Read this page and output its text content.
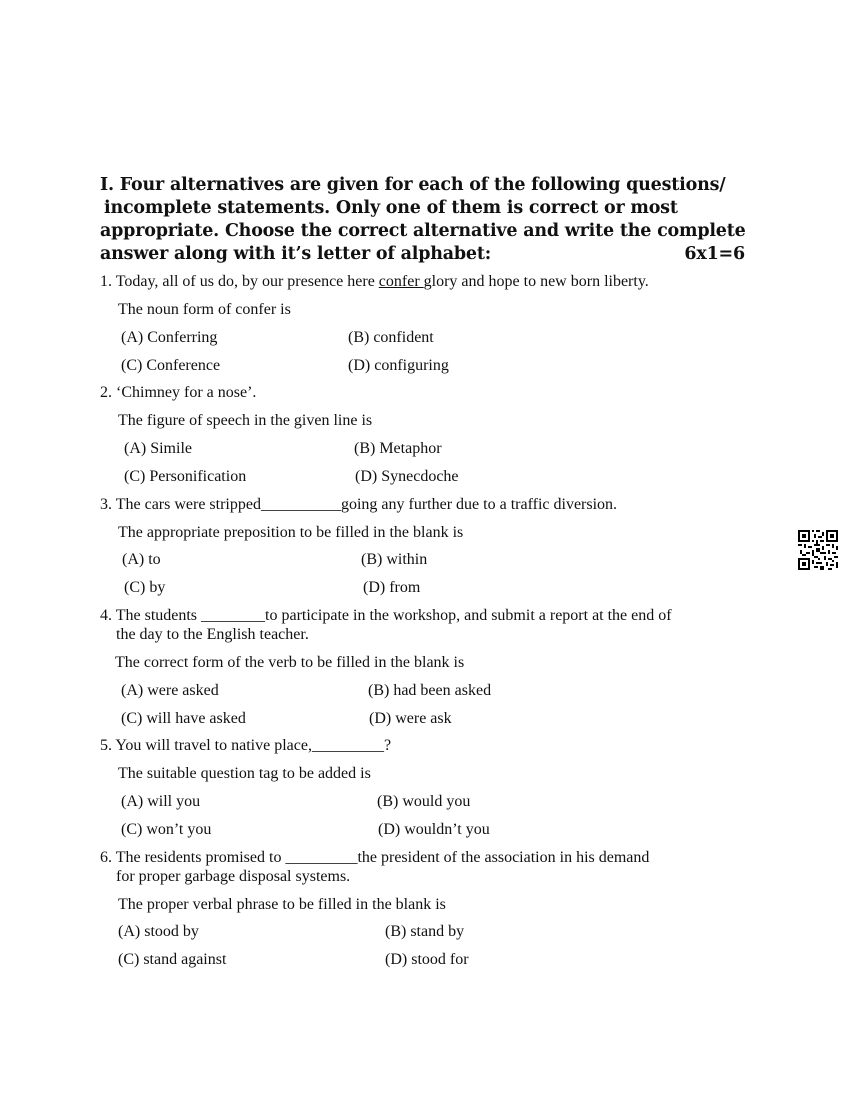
I. Four alternatives are given for each of the following questions/
incomplete statements. Only one of them is correct or most
appropriate. Choose the correct alternative and write the complete
answer along with it’s letter of alphabet:	6x1=6
1. Today, all of us do, by our presence here confer glory and hope to new born liberty.
The noun form of confer is
(A) Conferring	(B) confident
(C) Conference	(D) configuring
2. ‘Chimney for a nose’.
The figure of speech in the given line is
(A) Simile	(B) Metaphor
(C) Personification	(D) Synecdoche
3. The cars were stripped__________going any further due to a traffic diversion.
The appropriate preposition to be filled in the blank is
(A) to	(B) within
(C) by	(D) from
4. The students ________to participate in the workshop, and submit a report at the end of
the day to the English teacher.
The correct form of the verb to be filled in the blank is
(A) were asked	(B) had been asked
(C) will have asked	(D) were ask
5. You will travel to native place,_________?
The suitable question tag to be added is
(A) will you	(B) would you
(C) won’t you	(D) wouldn’t you
6. The residents promised to _________the president of the association in his demand
for proper garbage disposal systems.
The proper verbal phrase to be filled in the blank is
(A) stood by	(B) stand by
(C) stand against	(D) stood for
